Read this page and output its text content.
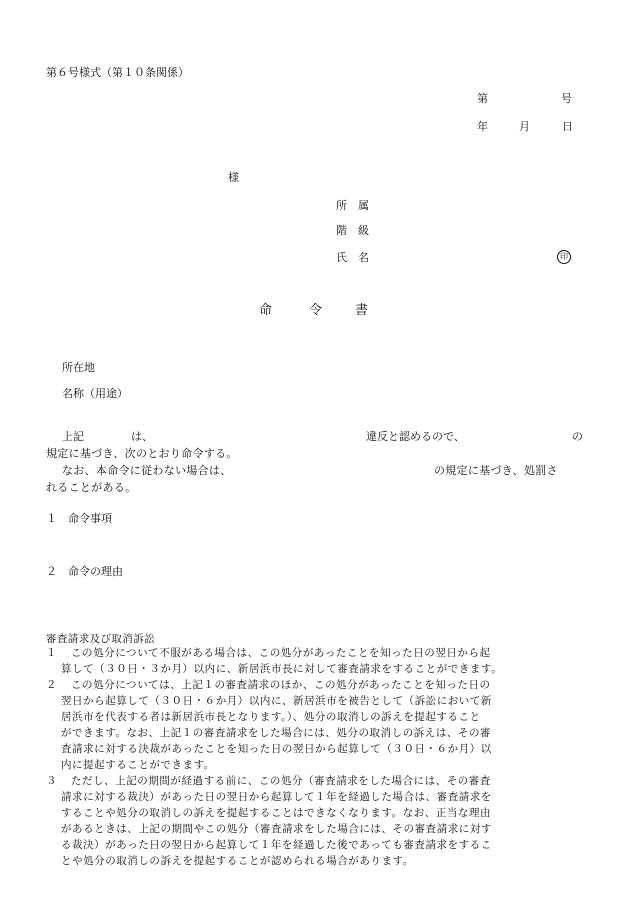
第６号様式（第１０条関係）
第	号
年	月	日
様
所　属
階　級
氏　名	印
命	令	書
所在地
名称（用途）
上記	は、	違反と認めるので、	の
規定に基づき、次のとおり命令する。
なお、本命令に従わない場合は、	の規定に基づき、処罰さ
れることがある。
１　命令事項
２　命令の理由
審査請求及び取消訴訟
１ この処分について不服がある場合は、この処分があったことを知った日の翌日から起
算して（３０日・３か月）以内に、新居浜市長に対して審査請求をすることができます。
２ この処分については、上記１の審査請求のほか、この処分があったことを知った日の
翌日から起算して（３０日・６か月）以内に、新居浜市を被告として（訴訟において新
居浜市を代表する者は新居浜市長となります。）、処分の取消しの訴えを提起すること
ができます。なお、上記１の審査請求をした場合には、処分の取消しの訴えは、その審
査請求に対する決裁があったことを知った日の翌日から起算して（３０日・６か月）以
内に提起することができます。
３ ただし、上記の期間が経過する前に、この処分（審査請求をした場合には、その審査
請求に対する裁決）があった日の翌日から起算して１年を経過した場合は、審査請求を
することや処分の取消しの訴えを提起することはできなくなります。なお、正当な理由
があるときは、上記の期間やこの処分（審査請求をした場合には、その審査請求に対す
る裁決）があった日の翌日から起算して１年を経過した後であっても審査請求をするこ
とや処分の取消しの訴えを提起することが認められる場合があります。
